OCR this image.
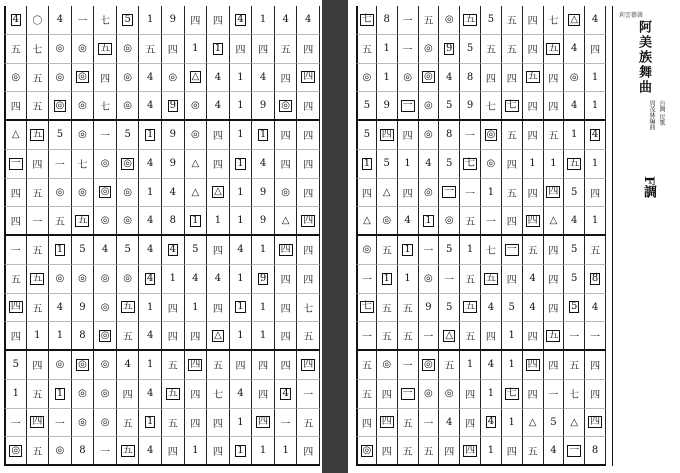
4 〇 4 一 七 5 1 9 四 四 4 1 4 4
五 七 ◎ ◎ 五 ◎ 五 四 1 1 四 四 五 四
◎ 五 ◎ ◎ 四 ◎ 4 ◎ △ 4 1 4 四 四
四 五 ◎ ◎ 七 ◎ 4 9 ◎ 4 1 9 ◎ 四
△ 五 5 ◎ 一 5 1 9 ◎ 四 1 1 四 四
一 四 一 七 ◎ ◎ 4 9 △ 四 1 4 四 四
四 五 ◎ ◎ ◎ ◎ 1 4 △ △ 1 9 ◎ 四
四 一 五 五 ◎ ◎ 4 8 1 1 1 9 △ 四
一 五 1 5 4 5 4 4 5 四 4 1 四 四
五 五 ◎ ◎ ◎ ◎ 4 1 4 4 1 9 四 四
四 五 4 9 ◎ 五 1 四 1 四 1 1 四 七
四 1 1 8 ◎ 五 4 四 四 △ 1 1 四 五
5 四 ◎ ◎ ◎ 4 1 五 四 五 四 四 四 四
1 五 1 ◎ ◎ 四 4 五 四 七 4 四 4 一
一 四 一 ◎ ◎ 五 1 五 四 四 1 四 一 五
◎ 五 ◎ 8 一 五 4 四 1 四 1 1 1 四
七 8 一 五 ◎ 五 5 五 四 七 △ 4
五 1 一 ◎ 9 5 五 五 四 五 4 四
◎ 1 ◎ ◎ 4 8 四 四 五 四 ◎ 1
5 9 一 ◎ 5 9 七 七 四 四 4 1
5 四 四 ◎ 8 一 ◎ 五 四 五 1 4
1 5 1 4 5 七 ◎ 四 1 1 五 1
四 △ 四 ◎ 一 一 1 五 四 四 5 四
△ ◎ 4 1 ◎ 五 一 四 四 △ 4 1
◎ 五 1 一 5 1 七 一 五 四 5 五
一 1 1 ◎ 一 五 五 四 4 四 5 8
七 五 五 9 5 五 4 5 4 四 5 4
一 五 五 一 △ 五 四 1 四 五 一 一
五 ◎ 一 ◎ 五 1 4 1 四 四 五 四
五 四 一 ◎ ◎ 四 1 七 四 一 七 四
四 四 五 一 4 四 4 1 △ 5 △ 四
◎ 四 五 五 四 四 1 四 五 4 一 8
莉雲藝韓
阿美族舞曲
台灣 民歌
周茂林編曲
F調
